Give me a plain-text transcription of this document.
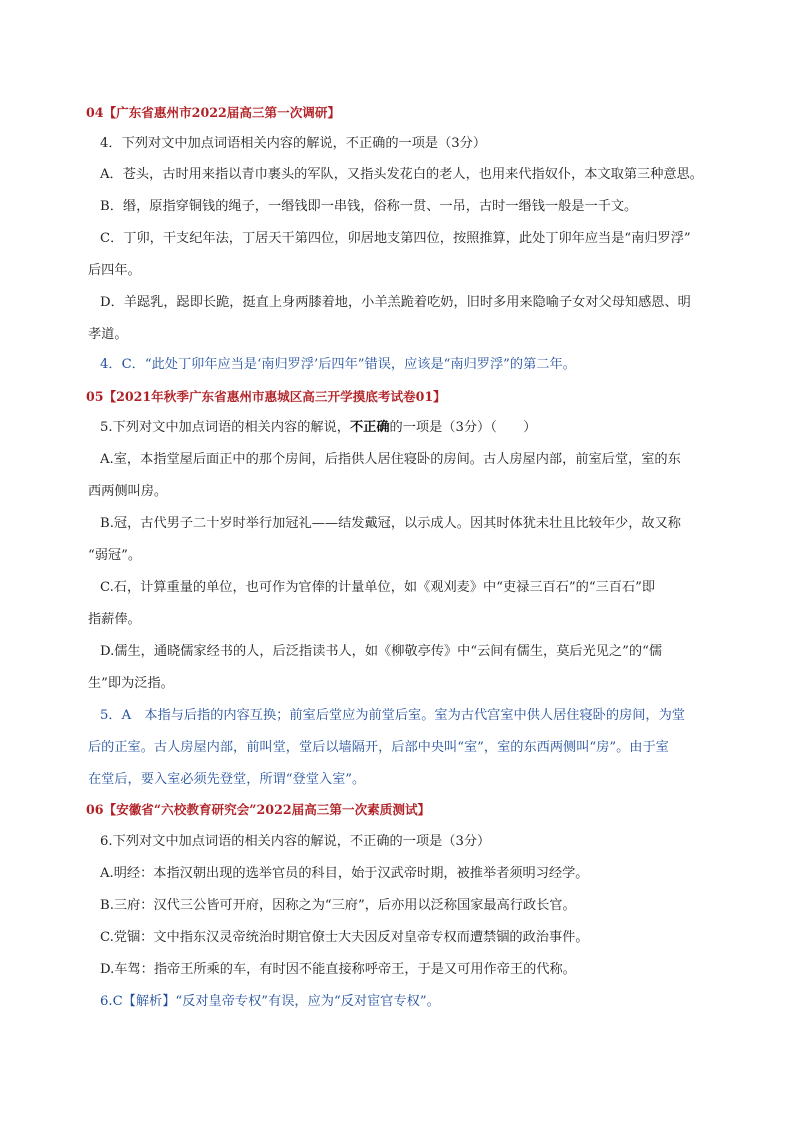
04【广东省惠州市2022届高三第一次调研】
4．下列对文中加点词语相关内容的解说，不正确的一项是（3分）
A．苍头，古时用来指以青巾裹头的军队，又指头发花白的老人，也用来代指奴仆，本文取第三种意思。
B．缗，原指穿铜钱的绳子，一缗钱即一串钱，俗称一贯、一吊，古时一缗钱一般是一千文。
C．丁卯，干支纪年法，丁居天干第四位，卯居地支第四位，按照推算，此处丁卯年应当是“南归罗浮”
后四年。
D．羊跽乳，跽即长跪，挺直上身两膝着地，小羊羔跪着吃奶，旧时多用来隐喻子女对父母知感恩、明
孝道。
4．C．“此处丁卯年应当是‘南归罗浮’后四年”错误，应该是“南归罗浮”的第二年。
05【2021年秋季广东省惠州市惠城区高三开学摸底考试卷01】
5.下列对文中加点词语的相关内容的解说，不正确的一项是（3分）（　　）
A.室，本指堂屋后面正中的那个房间，后指供人居住寝卧的房间。古人房屋内部，前室后堂，室的东
西两侧叫房。
B.冠，古代男子二十岁时举行加冠礼——结发戴冠，以示成人。因其时体犹未壮且比较年少，故又称
“弱冠”。
C.石，计算重量的单位，也可作为官俸的计量单位，如《观刈麦》中“吏禄三百石”的“三百石”即
指薪俸。
D.儒生，通晓儒家经书的人，后泛指读书人，如《柳敬亭传》中“云间有儒生，莫后光见之”的“儒
生”即为泛指。
5．A　本指与后指的内容互换；前室后堂应为前堂后室。室为古代宫室中供人居住寝卧的房间，为堂
后的正室。古人房屋内部，前叫堂，堂后以墙隔开，后部中央叫“室”，室的东西两侧叫“房”。由于室
在堂后，要入室必须先登堂，所谓“登堂入室”。
06【安徽省“六校教育研究会”2022届高三第一次素质测试】
6.下列对文中加点词语的相关内容的解说，不正确的一项是（3分）
A.明经：本指汉朝出现的选举官员的科目，始于汉武帝时期，被推举者须明习经学。
B.三府：汉代三公皆可开府，因称之为“三府”，后亦用以泛称国家最高行政长官。
C.党锢：文中指东汉灵帝统治时期官僚士大夫因反对皇帝专权而遭禁锢的政治事件。
D.车驾：指帝王所乘的车，有时因不能直接称呼帝王，于是又可用作帝王的代称。
6.C【解析】“反对皇帝专权”有误，应为“反对宦官专权”。
